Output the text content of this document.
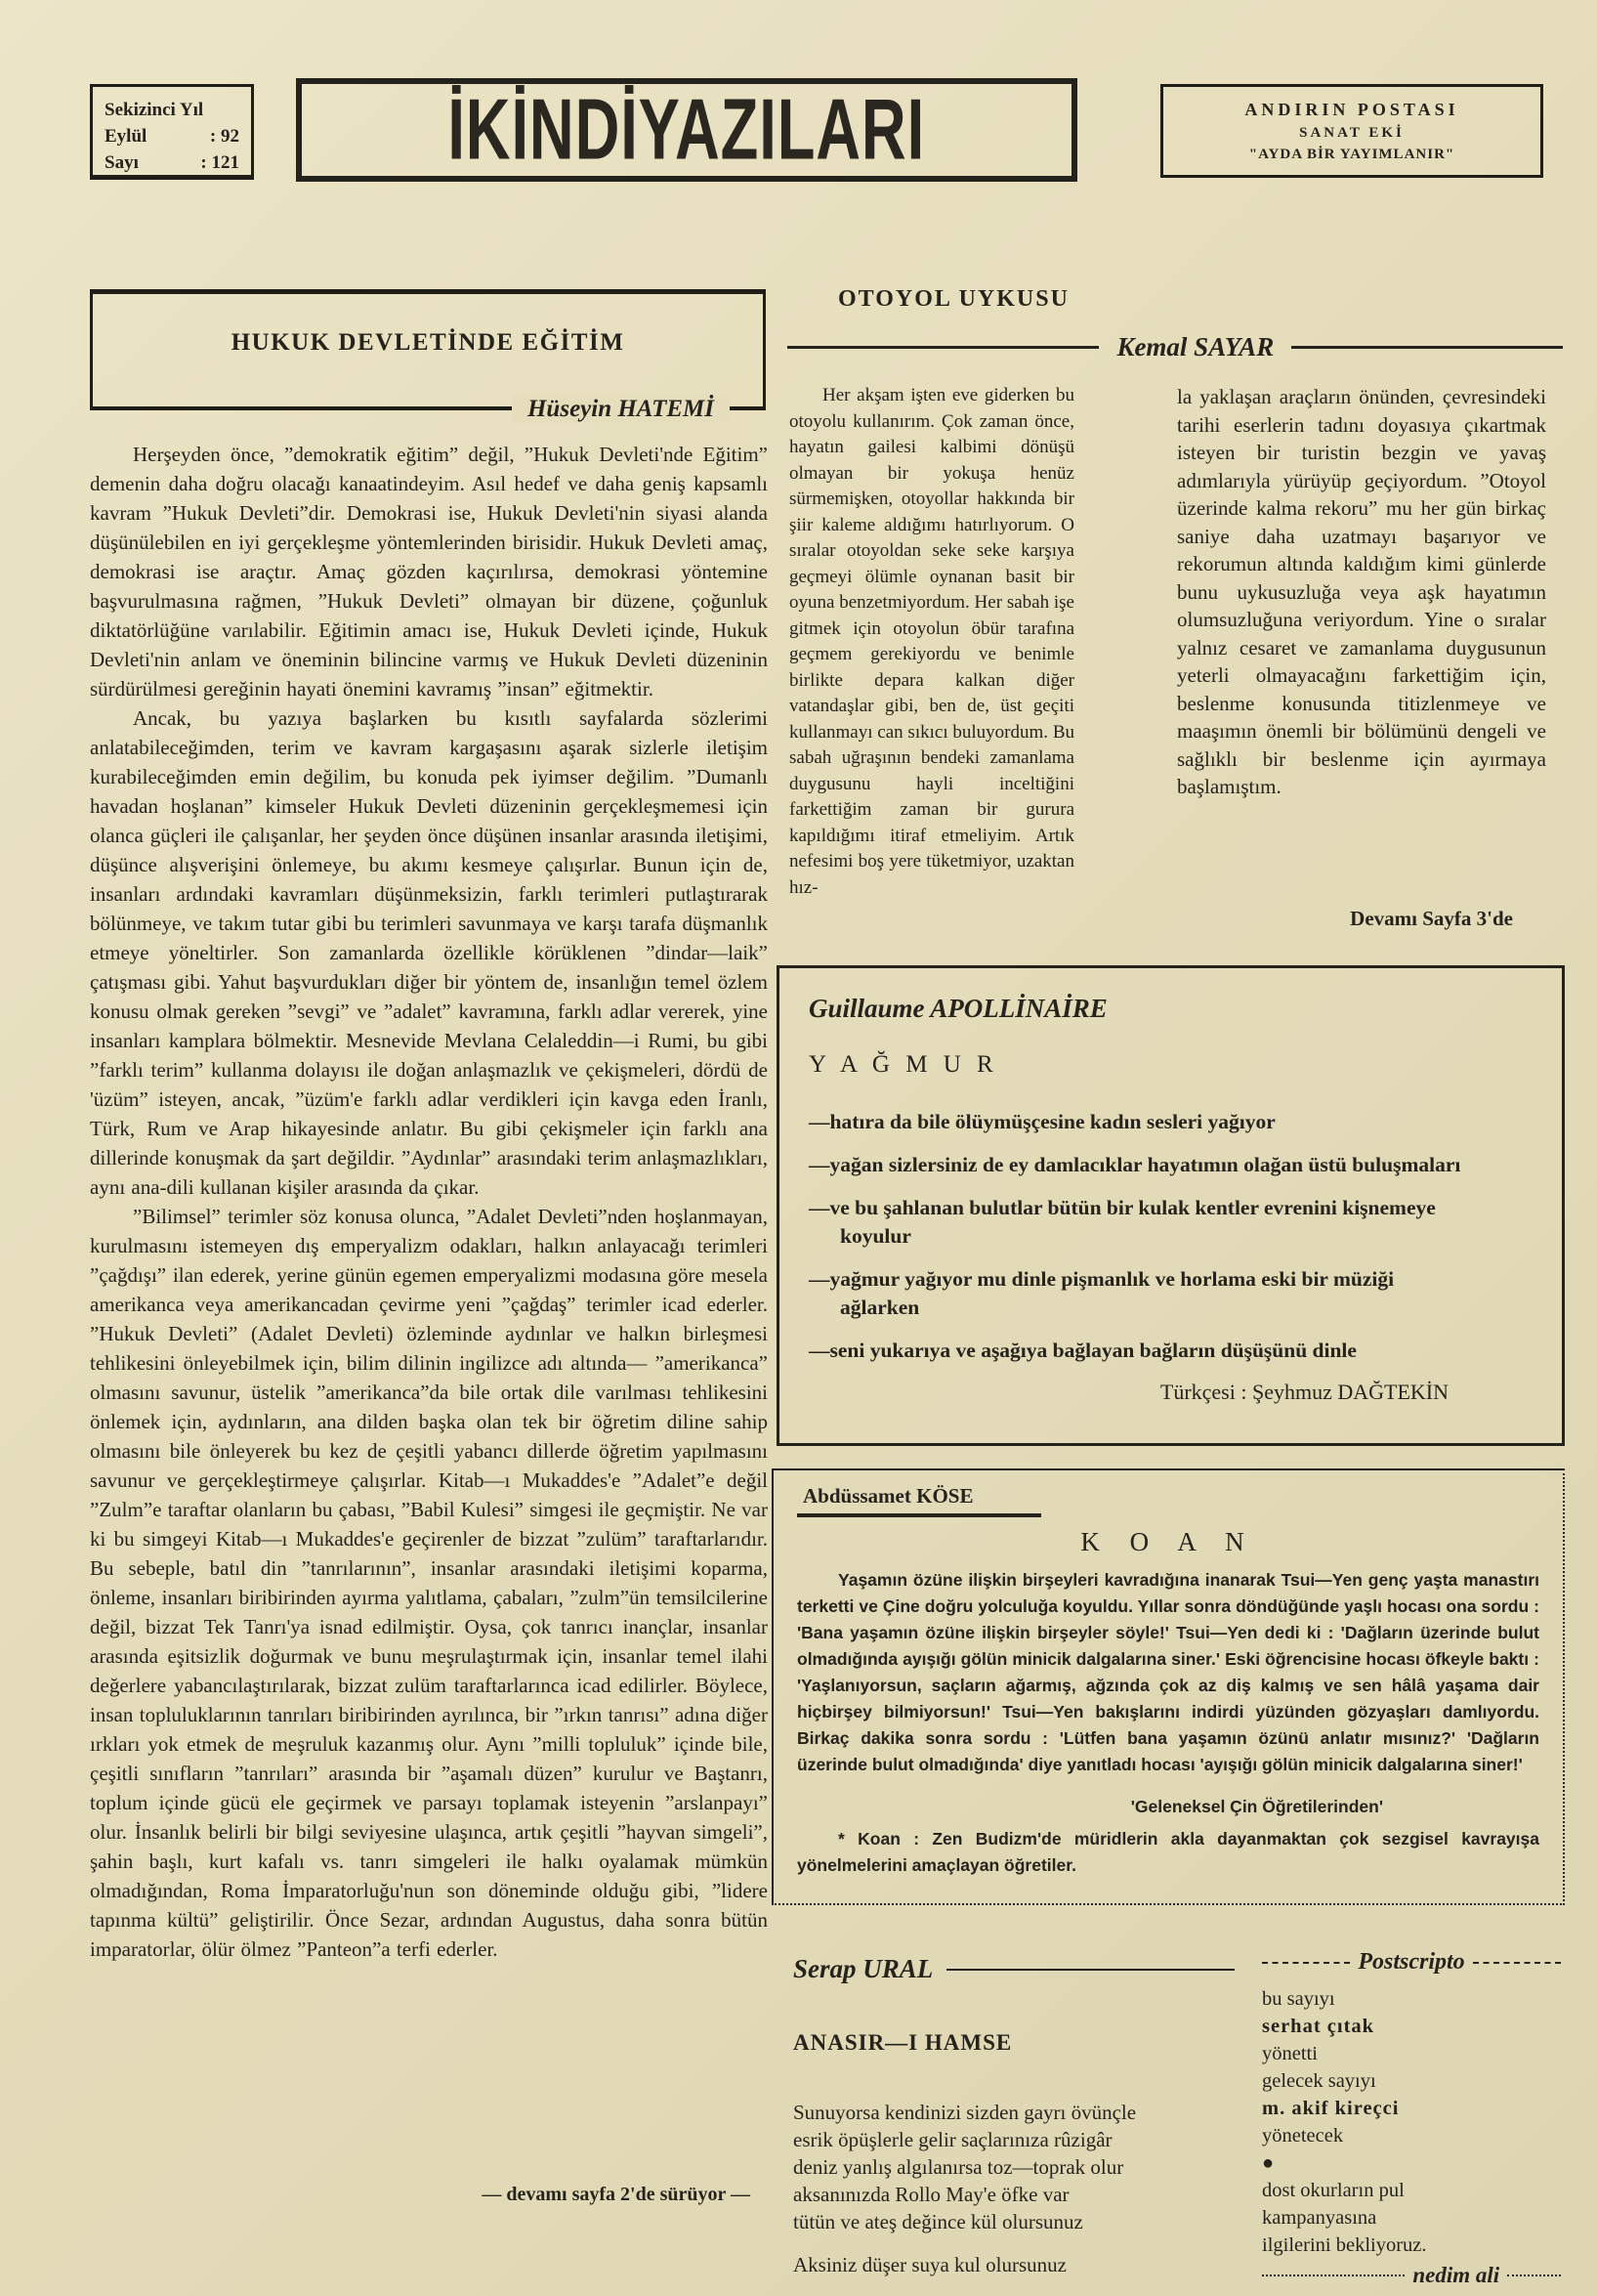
Sekizinci Yıl
Eylül	: 92
Sayı	: 121	İKİNDİYAZILARI	ANDIRIN POSTASI
SANAT EKİ
"AYDA BİR YAYIMLANIR"
HUKUK DEVLETİNDE EĞİTİM
Hüseyin HATEMİ

Herşeyden önce, ”demokratik eğitim” değil, ”Hukuk Devleti'nde Eğitim” demenin daha doğru olacağı kanaatindeyim. Asıl hedef ve daha geniş kapsamlı kavram ”Hukuk Devleti”dir. Demokrasi ise, Hukuk Devleti'nin siyasi alanda düşünülebilen en iyi gerçekleşme yöntemlerinden birisidir. Hukuk Devleti amaç, demokrasi ise araçtır. Amaç gözden kaçırılırsa, demokrasi yöntemine başvurulmasına rağmen, ”Hukuk Devleti” olmayan bir düzene, çoğunluk diktatörlüğüne varılabilir. Eğitimin amacı ise, Hukuk Devleti içinde, Hukuk Devleti'nin anlam ve öneminin bilincine varmış ve Hukuk Devleti düzeninin sürdürülmesi gereğinin hayati önemini kavramış ”insan” eğitmektir.

Ancak, bu yazıya başlarken bu kısıtlı sayfalarda sözlerimi anlatabileceğimden, terim ve kavram kargaşasını aşarak sizlerle iletişim kurabileceğimden emin değilim, bu konuda pek iyimser değilim. ”Dumanlı havadan hoşlanan” kimseler Hukuk Devleti düzeninin gerçekleşmemesi için olanca güçleri ile çalışanlar, her şeyden önce düşünen insanlar arasında iletişimi, düşünce alışverişini önlemeye, bu akımı kesmeye çalışırlar. Bunun için de, insanları ardındaki kavramları düşünmeksizin, farklı terimleri putlaştırarak bölünmeye, ve takım tutar gibi bu terimleri savunmaya ve karşı tarafa düşmanlık etmeye yöneltirler. Son zamanlarda özellikle körüklenen ”dindar—laik” çatışması gibi. Yahut başvurdukları diğer bir yöntem de, insanlığın temel özlem konusu olmak gereken ”sevgi” ve ”adalet” kavramına, farklı adlar vererek, yine insanları kamplara bölmektir. Mesnevide Mevlana Celaleddin—i Rumi, bu gibi ”farklı terim” kullanma dolayısı ile doğan anlaşmazlık ve çekişmeleri, dördü de 'üzüm” isteyen, ancak, ”üzüm'e farklı adlar verdikleri için kavga eden İranlı, Türk, Rum ve Arap hikayesinde anlatır. Bu gibi çekişmeler için farklı ana dillerinde konuşmak da şart değildir. ”Aydınlar” arasındaki terim anlaşmazlıkları, aynı ana-dili kullanan kişiler arasında da çıkar.

”Bilimsel” terimler söz konusa olunca, ”Adalet Devleti”nden hoşlanmayan, kurulmasını istemeyen dış emperyalizm odakları, halkın anlayacağı terimleri ”çağdışı” ilan ederek, yerine günün egemen emperyalizmi modasına göre mesela amerikanca veya amerikancadan çevirme yeni ”çağdaş” terimler icad ederler. ”Hukuk Devleti” (Adalet Devleti) özleminde aydınlar ve halkın birleşmesi tehlikesini önleyebilmek için, bilim dilinin ingilizce adı altında— ”amerikanca” olmasını savunur, üstelik ”amerikanca”da bile ortak dile varılması tehlikesini önlemek için, aydınların, ana dilden başka olan tek bir öğretim diline sahip olmasını bile önleyerek bu kez de çeşitli yabancı dillerde öğretim yapılmasını savunur ve gerçekleştirmeye çalışırlar. Kitab—ı Mukaddes'e ”Adalet”e değil ”Zulm”e taraftar olanların bu çabası, ”Babil Kulesi” simgesi ile geçmiştir. Ne var ki bu simgeyi Kitab—ı Mukaddes'e geçirenler de bizzat ”zulüm” taraftarlarıdır. Bu sebeple, batıl din ”tanrılarının”, insanlar arasındaki iletişimi koparma, önleme, insanları biribirinden ayırma yalıtlama, çabaları, ”zulm”ün temsilcilerine değil, bizzat Tek Tanrı'ya isnad edilmiştir. Oysa, çok tanrıcı inançlar, insanlar arasında eşitsizlik doğurmak ve bunu meşrulaştırmak için, insanlar temel ilahi değerlere yabancılaştırılarak, bizzat zulüm taraftarlarınca icad edilirler. Böylece, insan topluluklarının tanrıları biribirinden ayrılınca, bir ”ırkın tanrısı” adına diğer ırkları yok etmek de meşruluk kazanmış olur. Aynı ”milli topluluk” içinde bile, çeşitli sınıfların ”tanrıları” arasında bir ”aşamalı düzen” kurulur ve Baştanrı, toplum içinde gücü ele geçirmek ve parsayı toplamak isteyenin ”arslanpayı” olur. İnsanlık belirli bir bilgi seviyesine ulaşınca, artık çeşitli ”hayvan simgeli”, şahin başlı, kurt kafalı vs. tanrı simgeleri ile halkı oyalamak mümkün olmadığından, Roma İmparatorluğu'nun son döneminde olduğu gibi, ”lidere tapınma kültü” geliştirilir. Önce Sezar, ardından Augustus, daha sonra bütün imparatorlar, ölür ölmez ”Panteon”a terfi ederler.

— devamı sayfa 2'de sürüyor —
OTOYOL UYKUSU
Kemal SAYAR

Her akşam işten eve giderken bu otoyolu kullanırım. Çok zaman önce, hayatın gailesi kalbimi dönüşü olmayan bir yokuşa henüz sürmemişken, otoyollar hakkında bir şiir kaleme aldığımı hatırlıyorum. O sıralar otoyoldan seke seke karşıya geçmeyi ölümle oynanan basit bir oyuna benzetmiyordum. Her sabah işe gitmek için otoyolun öbür tarafına geçmem gerekiyordu ve benimle birlikte depara kalkan diğer vatandaşlar gibi, ben de, üst geçiti kullanmayı can sıkıcı buluyordum. Bu sabah uğraşının bendeki zamanlama duygusunu hayli inceltiğini farkettiğim zaman bir gurura kapıldığımı itiraf etmeliyim. Artık nefesimi boş yere tüketmiyor, uzaktan hız-

la yaklaşan araçların önünden, çevresindeki tarihi eserlerin tadını doyasıya çıkartmak isteyen bir turistin bezgin ve yavaş adımlarıyla yürüyüp geçiyordum. ”Otoyol üzerinde kalma rekoru” mu her gün birkaç saniye daha uzatmayı başarıyor ve rekorumun altında kaldığım kimi günlerde bunu uykusuzluğa veya aşk hayatımın olumsuzluğuna veriyordum. Yine o sıralar yalnız cesaret ve zamanlama duygusunun yeterli olmayacağını farkettiğim için, beslenme konusunda titizlenmeye ve maaşımın önemli bir bölümünü dengeli ve sağlıklı bir beslenme için ayırmaya başlamıştım.
Devamı Sayfa 3'de
Guillaume APOLLİNAİRE
Y A Ğ M U R

—hatıra da bile ölüymüşçesine kadın sesleri yağıyor

—yağan sizlersiniz de ey damlacıklar hayatımın olağan üstü buluşmaları

—ve bu şahlanan bulutlar bütün bir kulak kentler evrenini kişnemeye koyulur

—yağmur yağıyor mu dinle pişmanlık ve horlama eski bir müziği ağlarken

—seni yukarıya ve aşağıya bağlayan bağların düşüşünü dinle

Türkçesi : Şeyhmuz DAĞTEKİN
Abdüssamet KÖSE
K O A N

Yaşamın özüne ilişkin birşeyleri kavradığına inanarak Tsui—Yen genç yaşta manastırı terketti ve Çine doğru yolculuğa koyuldu. Yıllar sonra döndüğünde yaşlı hocası ona sordu : 'Bana yaşamın özüne ilişkin birşeyler söyle!' Tsui—Yen dedi ki : 'Dağların üzerinde bulut olmadığında ayışığı gölün minicik dalgalarına siner.' Eski öğrencisine hocası öfkeyle baktı : 'Yaşlanıyorsun, saçların ağarmış, ağzında çok az diş kalmış ve sen hâlâ yaşama dair hiçbirşey bilmiyorsun!' Tsui—Yen bakışlarını indirdi yüzünden gözyaşları damlıyordu. Birkaç dakika sonra sordu : 'Lütfen bana yaşamın özünü anlatır mısınız?' 'Dağların üzerinde bulut olmadığında' diye yanıtladı hocası 'ayışığı gölün minicik dalgalarına siner!'

'Geleneksel Çin Öğretilerinden'

* Koan : Zen Budizm'de müridlerin akla dayanmaktan çok sezgisel kavrayışa yönelmelerini amaçlayan öğretiler.

Serap URAL
ANASIR—I HAMSE
Sunuyorsa kendinizi sizden gayrı övünçle
esrik öpüşlerle gelir saçlarınıza rûzigâr
deniz yanlış algılanırsa toz—toprak olur
aksanınızda Rollo May'e öfke var
tütün ve ateş değince kül olursunuz
Aksiniz düşer suya kul olursunuz
Postscripto
bu sayıyı
serhat çıtak
yönetti
gelecek sayıyı
m. akif kireçci
yönetecek
●
dost okurların pul
kampanyasına
ilgilerini bekliyoruz.
nedim ali
